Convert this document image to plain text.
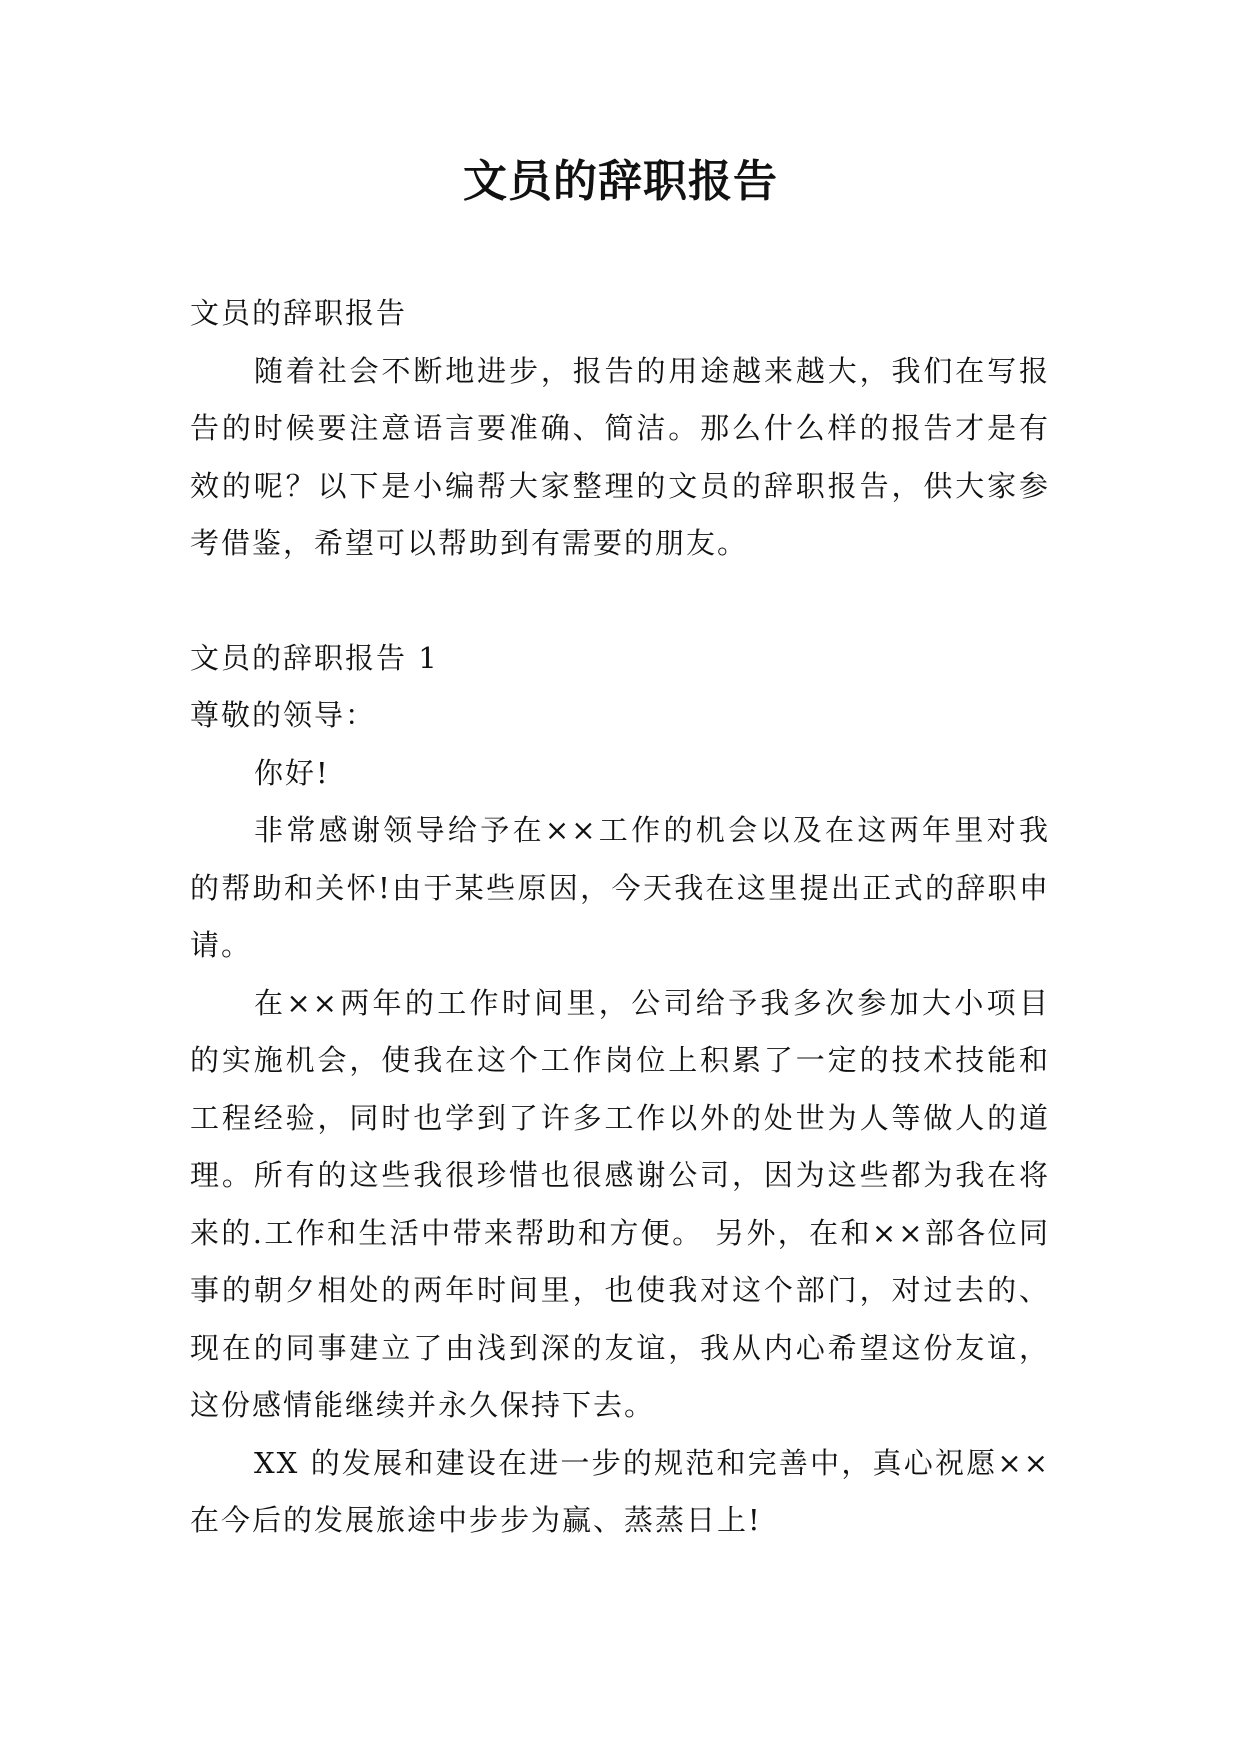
文员的辞职报告

文员的辞职报告

随着社会不断地进步，报告的用途越来越大，我们在写报告的时候要注意语言要准确、简洁。那么什么样的报告才是有效的呢？以下是小编帮大家整理的文员的辞职报告，供大家参考借鉴，希望可以帮助到有需要的朋友。

文员的辞职报告 1

尊敬的领导：

你好!

非常感谢领导给予在××工作的机会以及在这两年里对我的帮助和关怀!由于某些原因，今天我在这里提出正式的辞职申请。

在××两年的工作时间里，公司给予我多次参加大小项目的实施机会，使我在这个工作岗位上积累了一定的技术技能和工程经验，同时也学到了许多工作以外的处世为人等做人的道理。所有的这些我很珍惜也很感谢公司，因为这些都为我在将来的.工作和生活中带来帮助和方便。 另外，在和××部各位同事的朝夕相处的两年时间里，也使我对这个部门，对过去的、现在的同事建立了由浅到深的友谊，我从内心希望这份友谊，这份感情能继续并永久保持下去。

XX 的发展和建设在进一步的规范和完善中，真心祝愿××在今后的发展旅途中步步为赢、蒸蒸日上!
